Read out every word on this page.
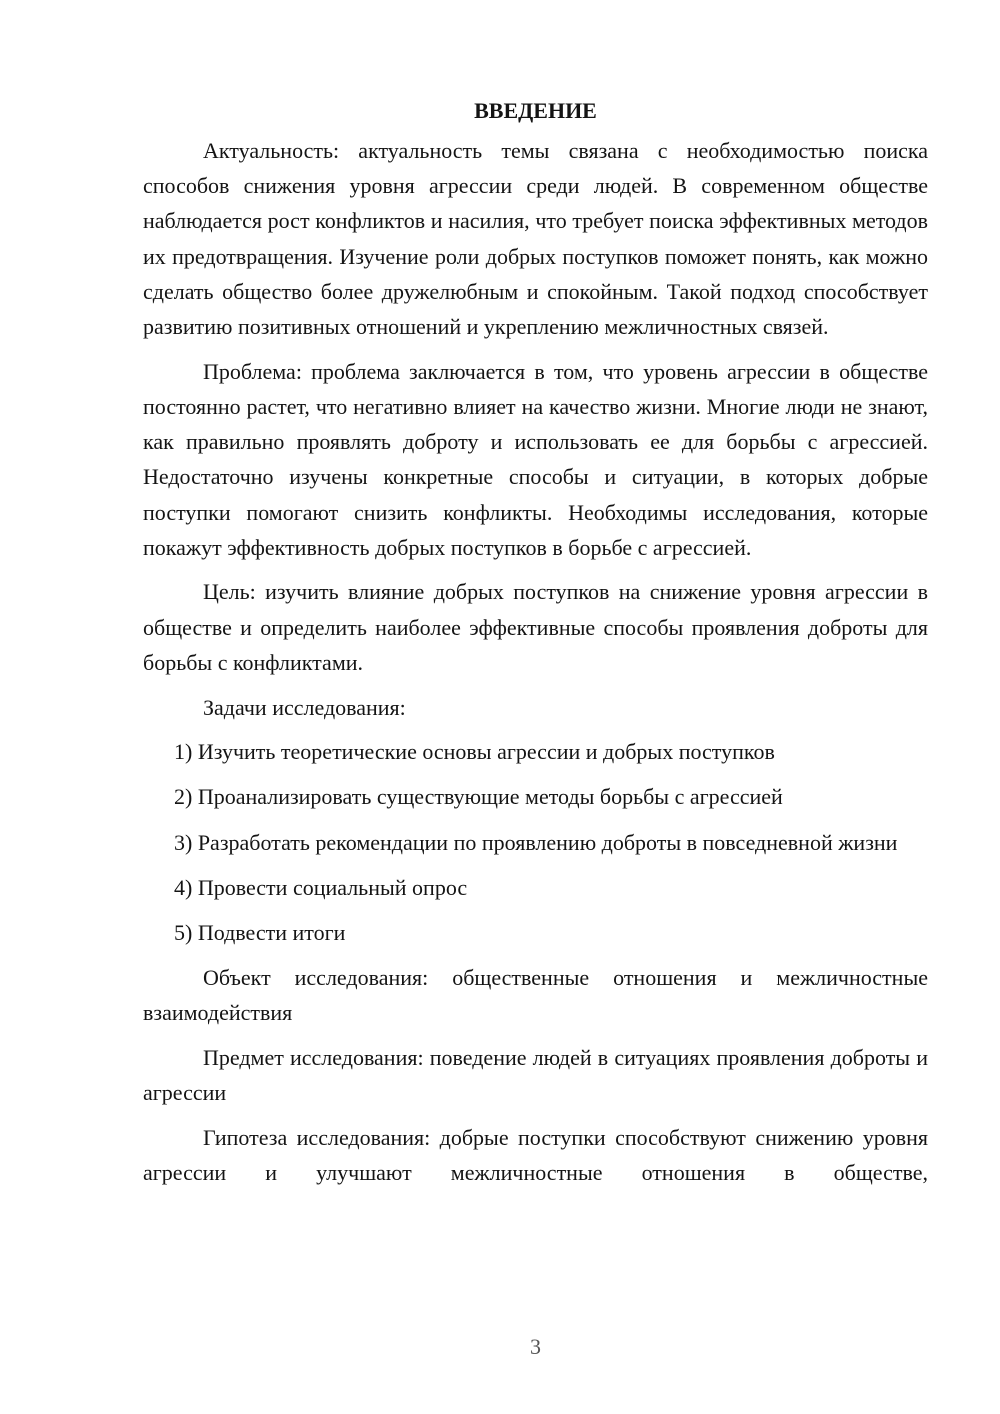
ВВЕДЕНИЕ

Актуальность: актуальность темы связана с необходимостью поиска способов снижения уровня агрессии среди людей. В современном обществе наблюдается рост конфликтов и насилия, что требует поиска эффективных методов их предотвращения. Изучение роли добрых поступков поможет понять, как можно сделать общество более дружелюбным и спокойным. Такой подход способствует развитию позитивных отношений и укреплению межличностных связей.

Проблема: проблема заключается в том, что уровень агрессии в обществе постоянно растет, что негативно влияет на качество жизни. Многие люди не знают, как правильно проявлять доброту и использовать ее для борьбы с агрессией. Недостаточно изучены конкретные способы и ситуации, в которых добрые поступки помогают снизить конфликты. Необходимы исследования, которые покажут эффективность добрых поступков в борьбе с агрессией.

Цель: изучить влияние добрых поступков на снижение уровня агрессии в обществе и определить наиболее эффективные способы проявления доброты для борьбы с конфликтами.

Задачи исследования:

1) Изучить теоретические основы агрессии и добрых поступков

2) Проанализировать существующие методы борьбы с агрессией

3) Разработать рекомендации по проявлению доброты в повседневной жизни

4) Провести социальный опрос

5) Подвести итоги

Объект исследования: общественные отношения и межличностные взаимодействия

Предмет исследования: поведение людей в ситуациях проявления доброты и агрессии

Гипотеза исследования: добрые поступки способствуют снижению уровня агрессии и улучшают межличностные отношения в обществе,

3
